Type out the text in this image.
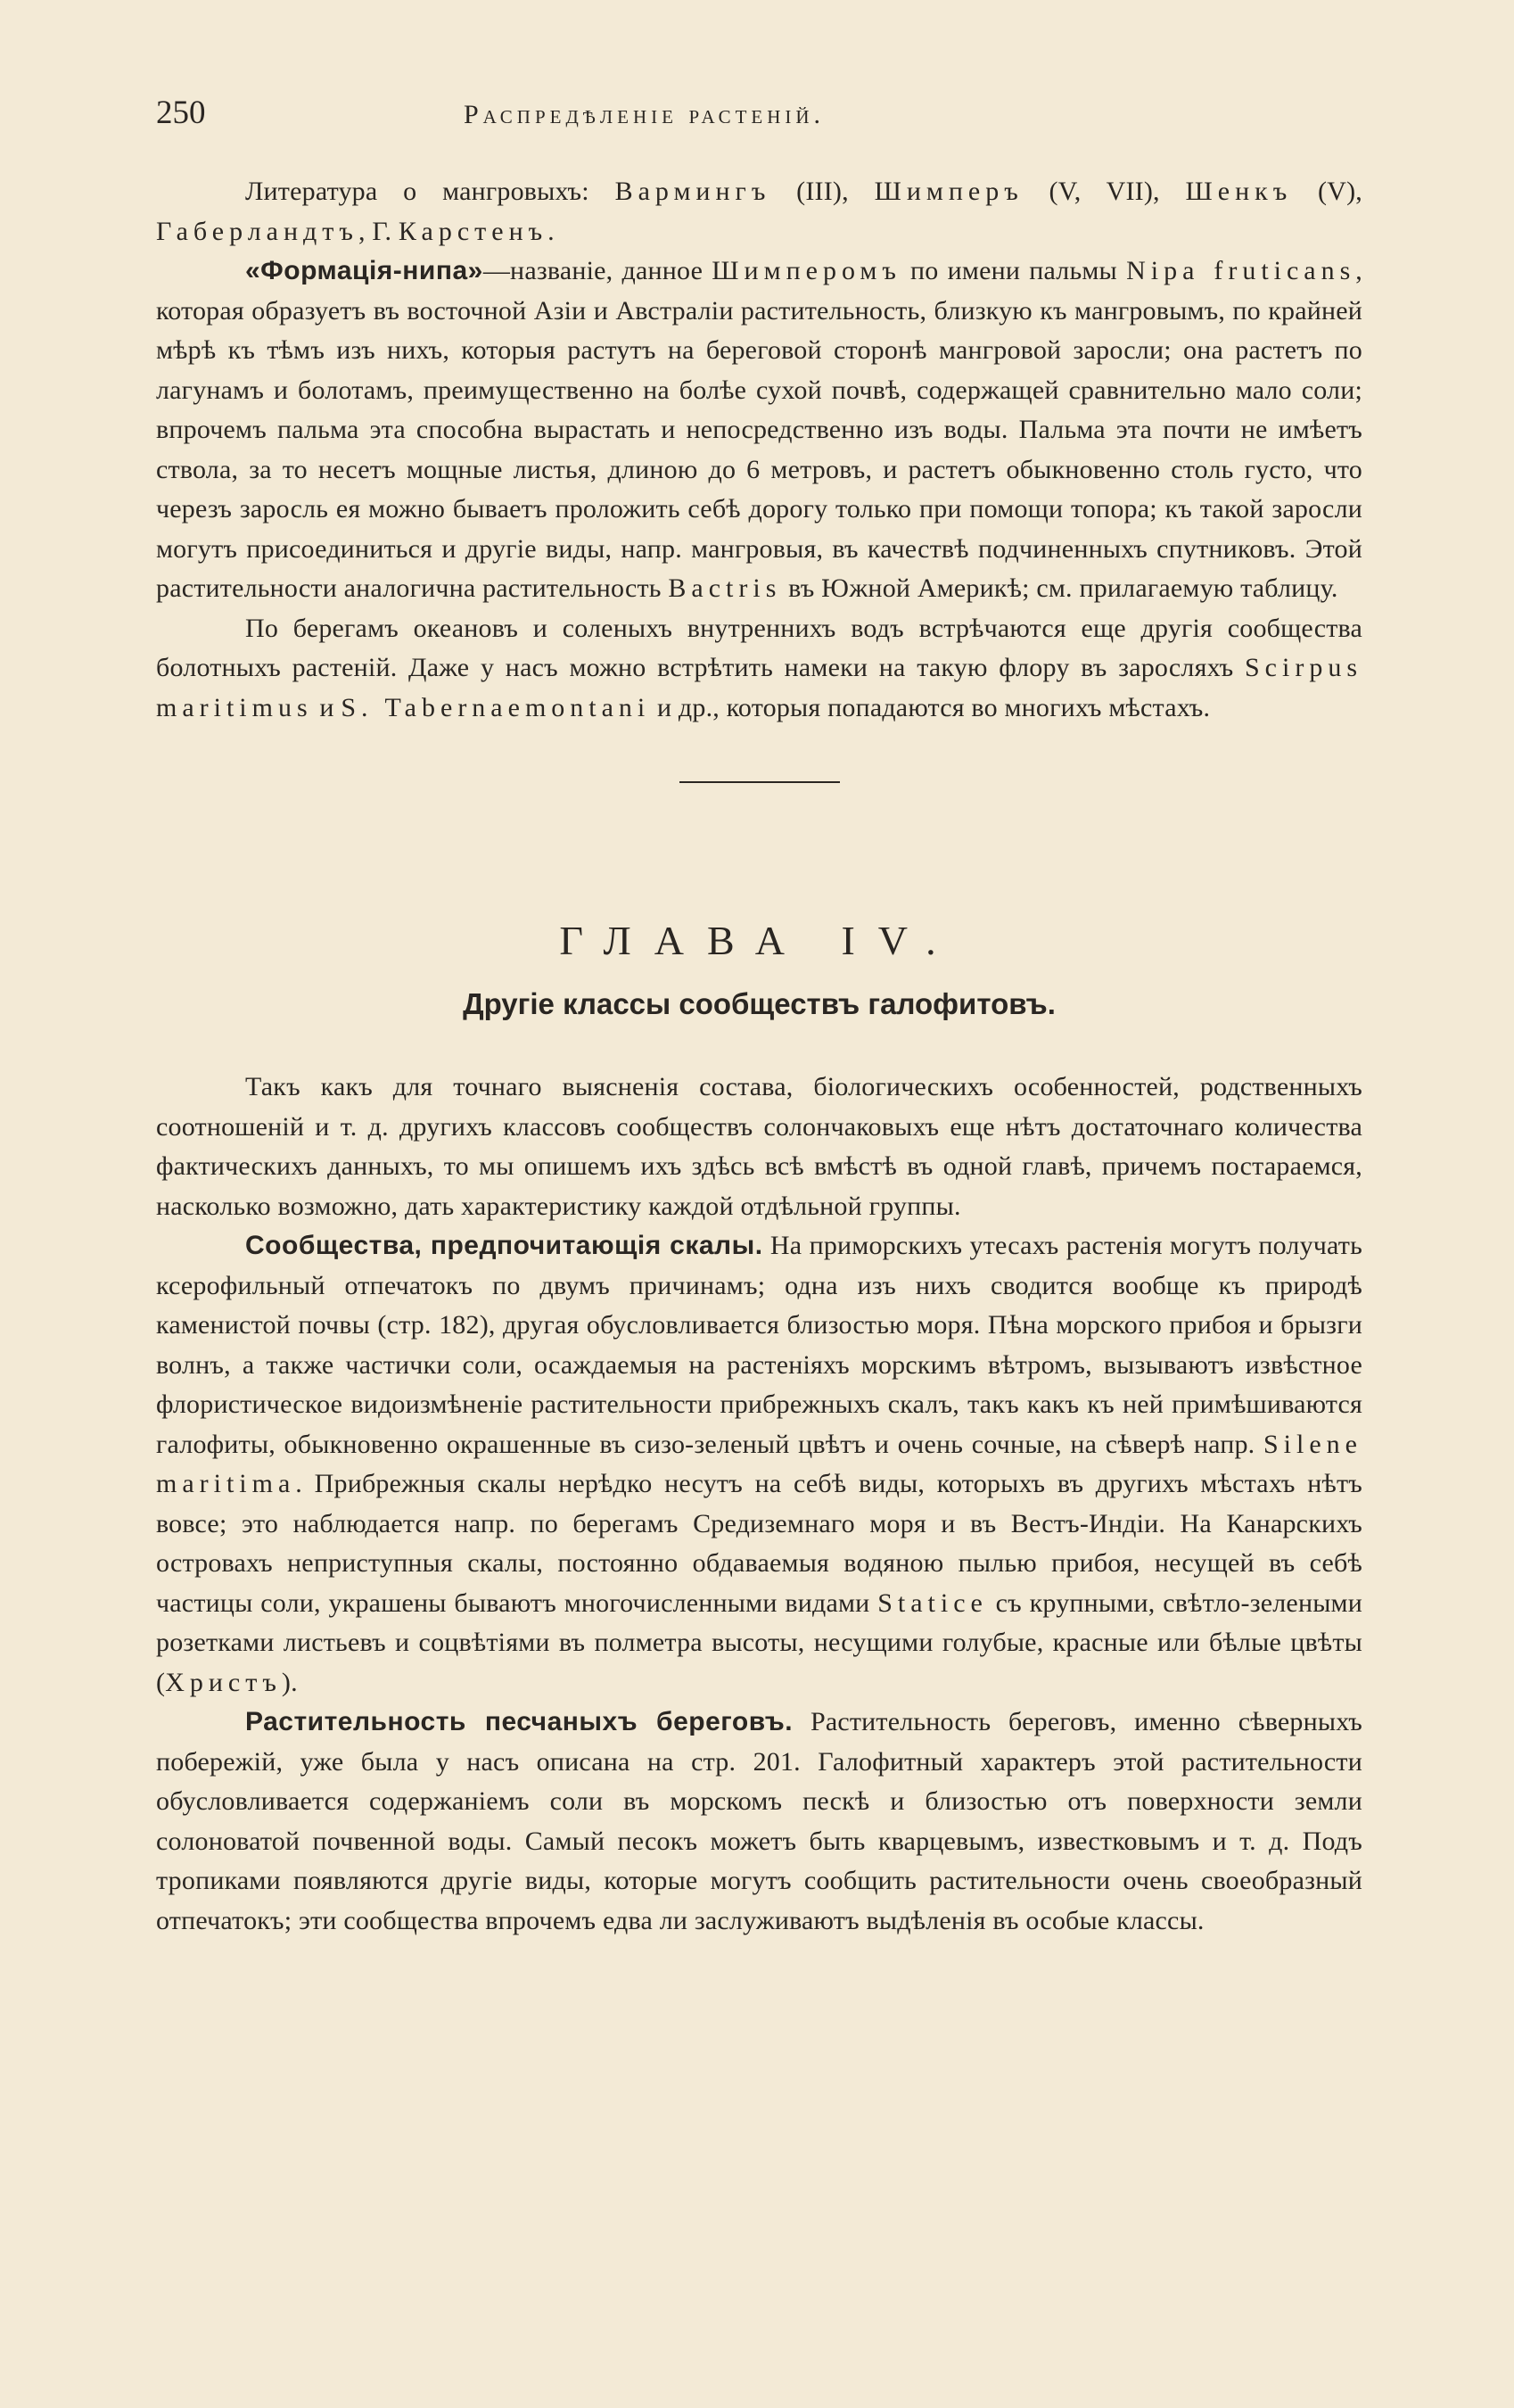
250	Распредѣленіе растеній.

Литература о мангровыхъ: Вармингъ (III), Шимперъ (V, VII), Шенкъ (V), Габерландтъ, Г. Карстенъ.

«Формація-нипа»—названіе, данное Шимперомъ по имени пальмы Nipa fruticans, которая образуетъ въ восточной Азіи и Австраліи растительность, близкую къ мангровымъ, по крайней мѣрѣ къ тѣмъ изъ нихъ, которыя растутъ на береговой сторонѣ мангровой заросли; она растетъ по лагунамъ и болотамъ, преимущественно на болѣе сухой почвѣ, содержащей сравнительно мало соли; впрочемъ пальма эта способна вырастать и непосредственно изъ воды. Пальма эта почти не имѣетъ ствола, за то несетъ мощные листья, длиною до 6 метровъ, и растетъ обыкновенно столь густо, что черезъ заросль ея можно бываетъ проложить себѣ дорогу только при помощи топора; къ такой заросли могутъ присоединиться и другіе виды, напр. мангровыя, въ качествѣ подчиненныхъ спутниковъ. Этой растительности аналогична растительность Bactris въ Южной Америкѣ; см. прилагаемую таблицу.

По берегамъ океановъ и соленыхъ внутреннихъ водъ встрѣчаются еще другія сообщества болотныхъ растеній. Даже у насъ можно встрѣтить намеки на такую флору въ заросляхъ Scirpus maritimus и S. Tabernaemontani и др., которыя попадаются во многихъ мѣстахъ.

ГЛАВА IV.
Другіе классы сообществъ галофитовъ.

Такъ какъ для точнаго выясненія состава, біологическихъ особенностей, родственныхъ соотношеній и т. д. другихъ классовъ сообществъ солончаковыхъ еще нѣтъ достаточнаго количества фактическихъ данныхъ, то мы опишемъ ихъ здѣсь всѣ вмѣстѣ въ одной главѣ, причемъ постараемся, насколько возможно, дать характеристику каждой отдѣльной группы.

Сообщества, предпочитающія скалы. На приморскихъ утесахъ растенія могутъ получать ксерофильный отпечатокъ по двумъ причинамъ; одна изъ нихъ сводится вообще къ природѣ каменистой почвы (стр. 182), другая обусловливается близостью моря. Пѣна морского прибоя и брызги волнъ, а также частички соли, осаждаемыя на растеніяхъ морскимъ вѣтромъ, вызываютъ извѣстное флористическое видоизмѣненіе растительности прибрежныхъ скалъ, такъ какъ къ ней примѣшиваются галофиты, обыкновенно окрашенные въ сизо-зеленый цвѣтъ и очень сочные, на сѣверѣ напр. Silene maritima. Прибрежныя скалы нерѣдко несутъ на себѣ виды, которыхъ въ другихъ мѣстахъ нѣтъ вовсе; это наблюдается напр. по берегамъ Средиземнаго моря и въ Вестъ-Индіи. На Канарскихъ островахъ неприступныя скалы, постоянно обдаваемыя водяною пылью прибоя, несущей въ себѣ частицы соли, украшены бываютъ многочисленными видами Statice съ крупными, свѣтло-зелеными розетками листьевъ и соцвѣтіями въ полметра высоты, несущими голубые, красные или бѣлые цвѣты (Христъ).

Растительность песчаныхъ береговъ. Растительность береговъ, именно сѣверныхъ побережій, уже была у насъ описана на стр. 201. Галофитный характеръ этой растительности обусловливается содержаніемъ соли въ морскомъ пескѣ и близостью отъ поверхности земли солоноватой почвенной воды. Самый песокъ можетъ быть кварцевымъ, известковымъ и т. д. Подъ тропиками появляются другіе виды, которые могутъ сообщить растительности очень своеобразный отпечатокъ; эти сообщества впрочемъ едва ли заслуживаютъ выдѣленія въ особые классы.
